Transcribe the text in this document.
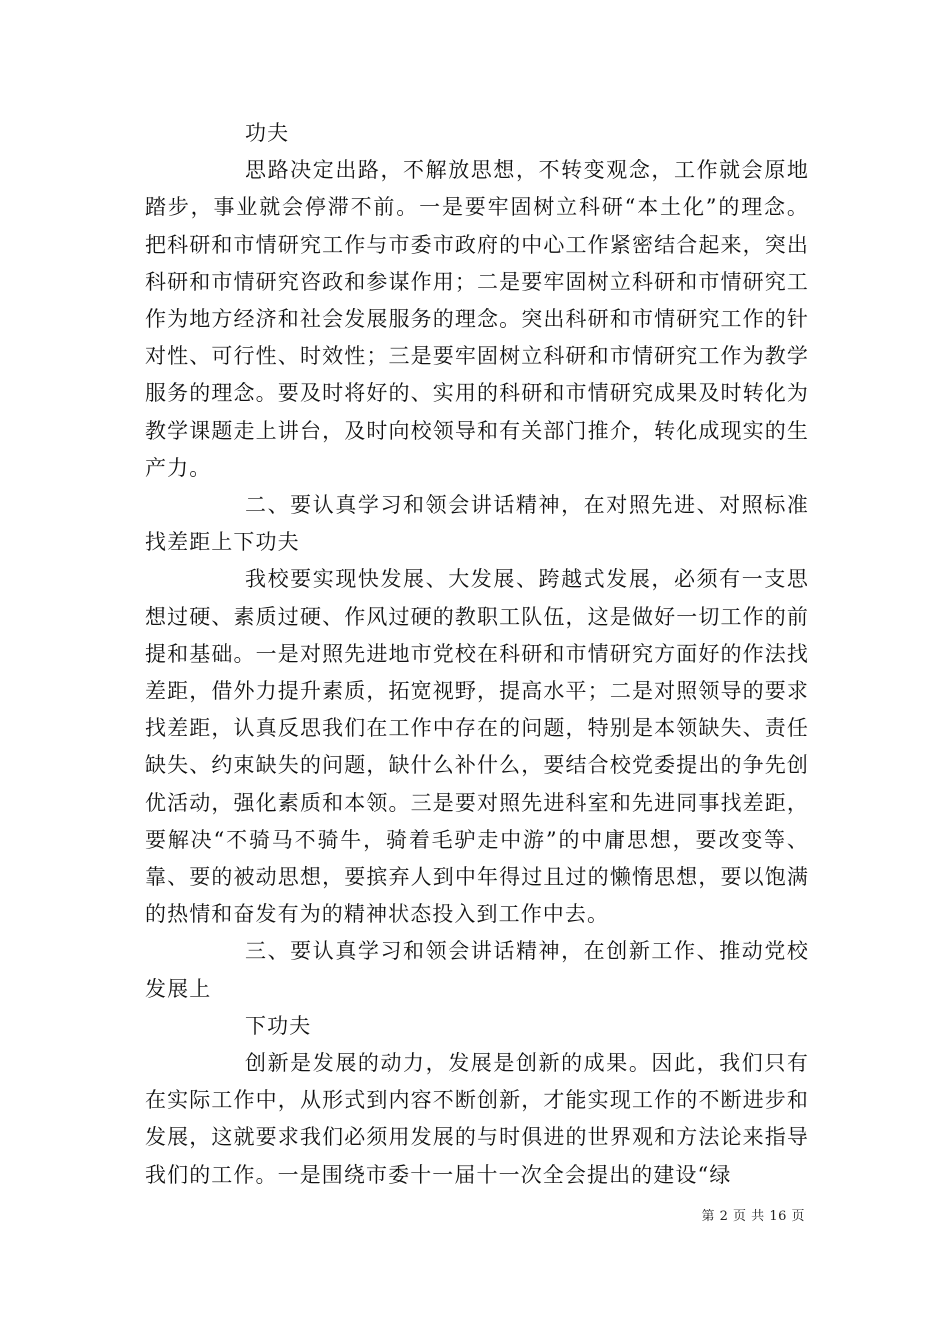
功夫

思路决定出路，不解放思想，不转变观念，工作就会原地踏步，事业就会停滞不前。一是要牢固树立科研“本土化”的理念。把科研和市情研究工作与市委市政府的中心工作紧密结合起来，突出科研和市情研究咨政和参谋作用；二是要牢固树立科研和市情研究工作为地方经济和社会发展服务的理念。突出科研和市情研究工作的针对性、可行性、时效性；三是要牢固树立科研和市情研究工作为教学服务的理念。要及时将好的、实用的科研和市情研究成果及时转化为教学课题走上讲台，及时向校领导和有关部门推介，转化成现实的生产力。

二、要认真学习和领会讲话精神，在对照先进、对照标准找差距上下功夫

我校要实现快发展、大发展、跨越式发展，必须有一支思想过硬、素质过硬、作风过硬的教职工队伍，这是做好一切工作的前提和基础。一是对照先进地市党校在科研和市情研究方面好的作法找差距，借外力提升素质，拓宽视野，提高水平；二是对照领导的要求找差距，认真反思我们在工作中存在的问题，特别是本领缺失、责任缺失、约束缺失的问题，缺什么补什么，要结合校党委提出的争先创优活动，强化素质和本领。三是要对照先进科室和先进同事找差距，要解决“不骑马不骑牛，骑着毛驴走中游”的中庸思想，要改变等、靠、要的被动思想，要摈弃人到中年得过且过的懒惰思想，要以饱满的热情和奋发有为的精神状态投入到工作中去。

三、要认真学习和领会讲话精神，在创新工作、推动党校发展上

下功夫

创新是发展的动力，发展是创新的成果。因此，我们只有在实际工作中，从形式到内容不断创新，才能实现工作的不断进步和发展，这就要求我们必须用发展的与时俱进的世界观和方法论来指导我们的工作。一是围绕市委十一届十一次全会提出的建设“绿

第 2 页 共 16 页
